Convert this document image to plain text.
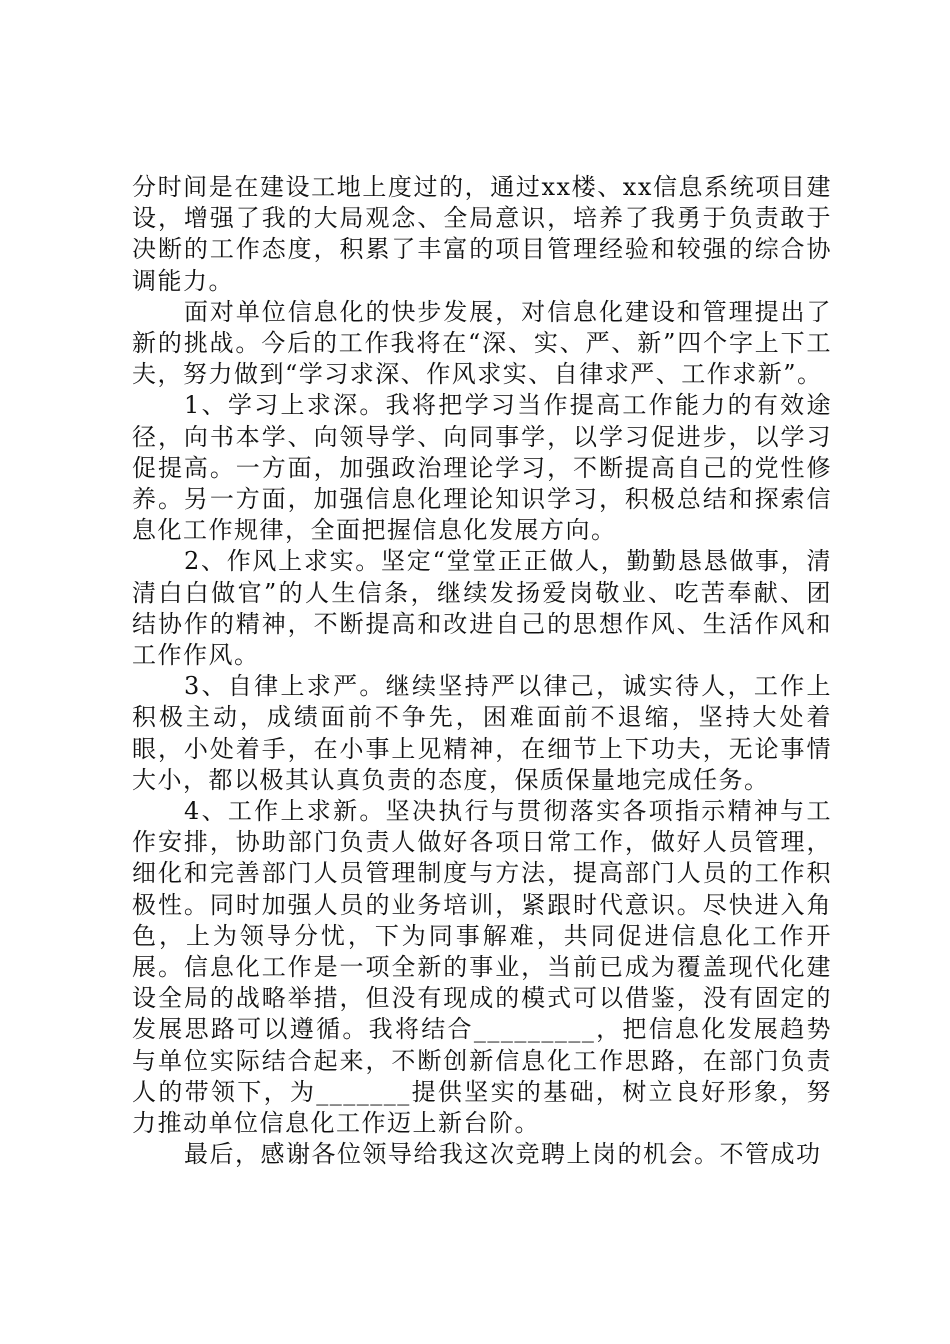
分时间是在建设工地上度过的，通过xx楼、xx信息系统项目建设，增强了我的大局观念、全局意识，培养了我勇于负责敢于决断的工作态度，积累了丰富的项目管理经验和较强的综合协调能力。

面对单位信息化的快步发展，对信息化建设和管理提出了新的挑战。今后的工作我将在“深、实、严、新”四个字上下工夫，努力做到“学习求深、作风求实、自律求严、工作求新”。

1、学习上求深。我将把学习当作提高工作能力的有效途径，向书本学、向领导学、向同事学，以学习促进步，以学习促提高。一方面，加强政治理论学习，不断提高自己的党性修养。另一方面，加强信息化理论知识学习，积极总结和探索信息化工作规律，全面把握信息化发展方向。

2、作风上求实。坚定“堂堂正正做人，勤勤恳恳做事，清清白白做官”的人生信条，继续发扬爱岗敬业、吃苦奉献、团结协作的精神，不断提高和改进自己的思想作风、生活作风和工作作风。

3、自律上求严。继续坚持严以律己，诚实待人，工作上积极主动，成绩面前不争先，困难面前不退缩，坚持大处着眼，小处着手，在小事上见精神，在细节上下功夫，无论事情大小，都以极其认真负责的态度，保质保量地完成任务。

4、工作上求新。坚决执行与贯彻落实各项指示精神与工作安排，协助部门负责人做好各项日常工作，做好人员管理，细化和完善部门人员管理制度与方法，提高部门人员的工作积极性。同时加强人员的业务培训，紧跟时代意识。尽快进入角色，上为领导分忧，下为同事解难，共同促进信息化工作开展。信息化工作是一项全新的事业，当前已成为覆盖现代化建设全局的战略举措，但没有现成的模式可以借鉴，没有固定的发展思路可以遵循。我将结合_________，把信息化发展趋势与单位实际结合起来，不断创新信息化工作思路，在部门负责人的带领下，为_______提供坚实的基础，树立良好形象，努力推动单位信息化工作迈上新台阶。

最后，感谢各位领导给我这次竞聘上岗的机会。不管成功
